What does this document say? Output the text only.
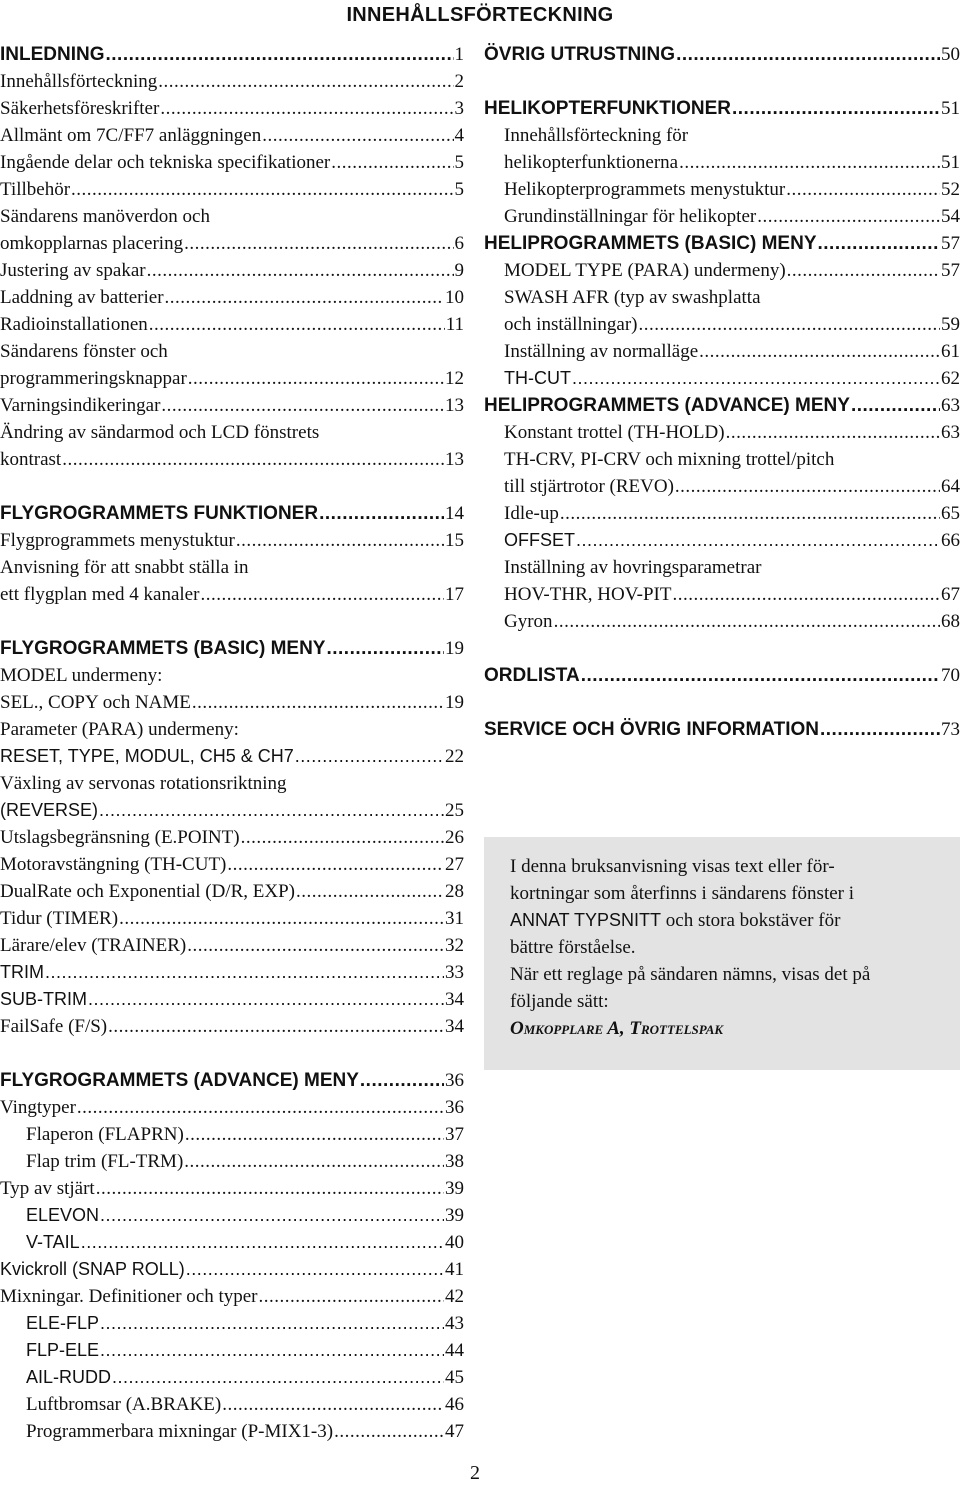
INNEHÅLLSFÖRTECKNING
INLEDNING .....	1
Innehållsförteckning .....	2
Säkerhetsföreskrifter .....	3
Allmänt om 7C/FF7 anläggningen .....	4
Ingående delar och tekniska specifikationer .....	5
Tillbehör .....	5
Sändarens manöverdon och
omkopplarnas placering .....	6
Justering av spakar .....	9
Laddning av batterier .....	10
Radioinstallationen .....	11
Sändarens fönster och
programmeringsknappar .....	12
Varningsindikeringar .....	13
Ändring av sändarmod och LCD fönstrets
kontrast .....	13
FLYGROGRAMMETS FUNKTIONER .....	14
Flygprogrammets menystuktur .....	15
Anvisning för att snabbt ställa in
ett flygplan med 4 kanaler .....	17
FLYGROGRAMMETS (BASIC) MENY .....	19
MODEL undermeny:
SEL., COPY och NAME .....	19
Parameter (PARA) undermeny:
RESET, TYPE, MODUL, CH5 & CH7 .....	22
Växling av servonas rotationsriktning
(REVERSE) .....	25
Utslagsbegränsning (E.POINT) .....	26
Motoravstängning (TH-CUT) .....	27
DualRate och Exponential (D/R, EXP) .....	28
Tidur (TIMER) .....	31
Lärare/elev (TRAINER) .....	32
TRIM .....	33
SUB-TRIM .....	34
FailSafe (F/S) .....	34
FLYGROGRAMMETS (ADVANCE) MENY .....	36
Vingtyper .....	36
Flaperon (FLAPRN) .....	37
Flap trim (FL-TRM) .....	38
Typ av stjärt .....	39
ELEVON .....	39
V-TAIL .....	40
Kvickroll (SNAP ROLL) .....	41
Mixningar. Definitioner och typer .....	42
ELE-FLP .....	43
FLP-ELE .....	44
AIL-RUDD .....	45
Luftbromsar (A.BRAKE) .....	46
Programmerbara mixningar (P-MIX1-3) .....	47
ÖVRIG UTRUSTNING .....	50
HELIKOPTERFUNKTIONER .....	51
Innehållsförteckning för
helikopterfunktionerna .....	51
Helikopterprogrammets menystuktur .....	52
Grundinställningar för helikopter .....	54
HELIPROGRAMMETS (BASIC) MENY .....	57
MODEL TYPE (PARA) undermeny) .....	57
SWASH AFR (typ av swashplatta
och inställningar) .....	59
Inställning av normalläge .....	61
TH-CUT .....	62
HELIPROGRAMMETS (ADVANCE) MENY .....	63
Konstant trottel (TH-HOLD) .....	63
TH-CRV, PI-CRV och mixning trottel/pitch
till stjärtrotor (REVO) .....	64
Idle-up .....	65
OFFSET .....	66
Inställning av hovringsparametrar
HOV-THR, HOV-PIT .....	67
Gyron .....	68
ORDLISTA .....	70
SERVICE OCH ÖVRIG INFORMATION .....	73
I denna bruksanvisning visas text eller för-
kortningar som återfinns i sändarens fönster i
ANNAT TYPSNITT och stora bokstäver för
bättre förståelse.
När ett reglage på sändaren nämns, visas det på
följande sätt:
Omkopplare A, Trottelspak
2
